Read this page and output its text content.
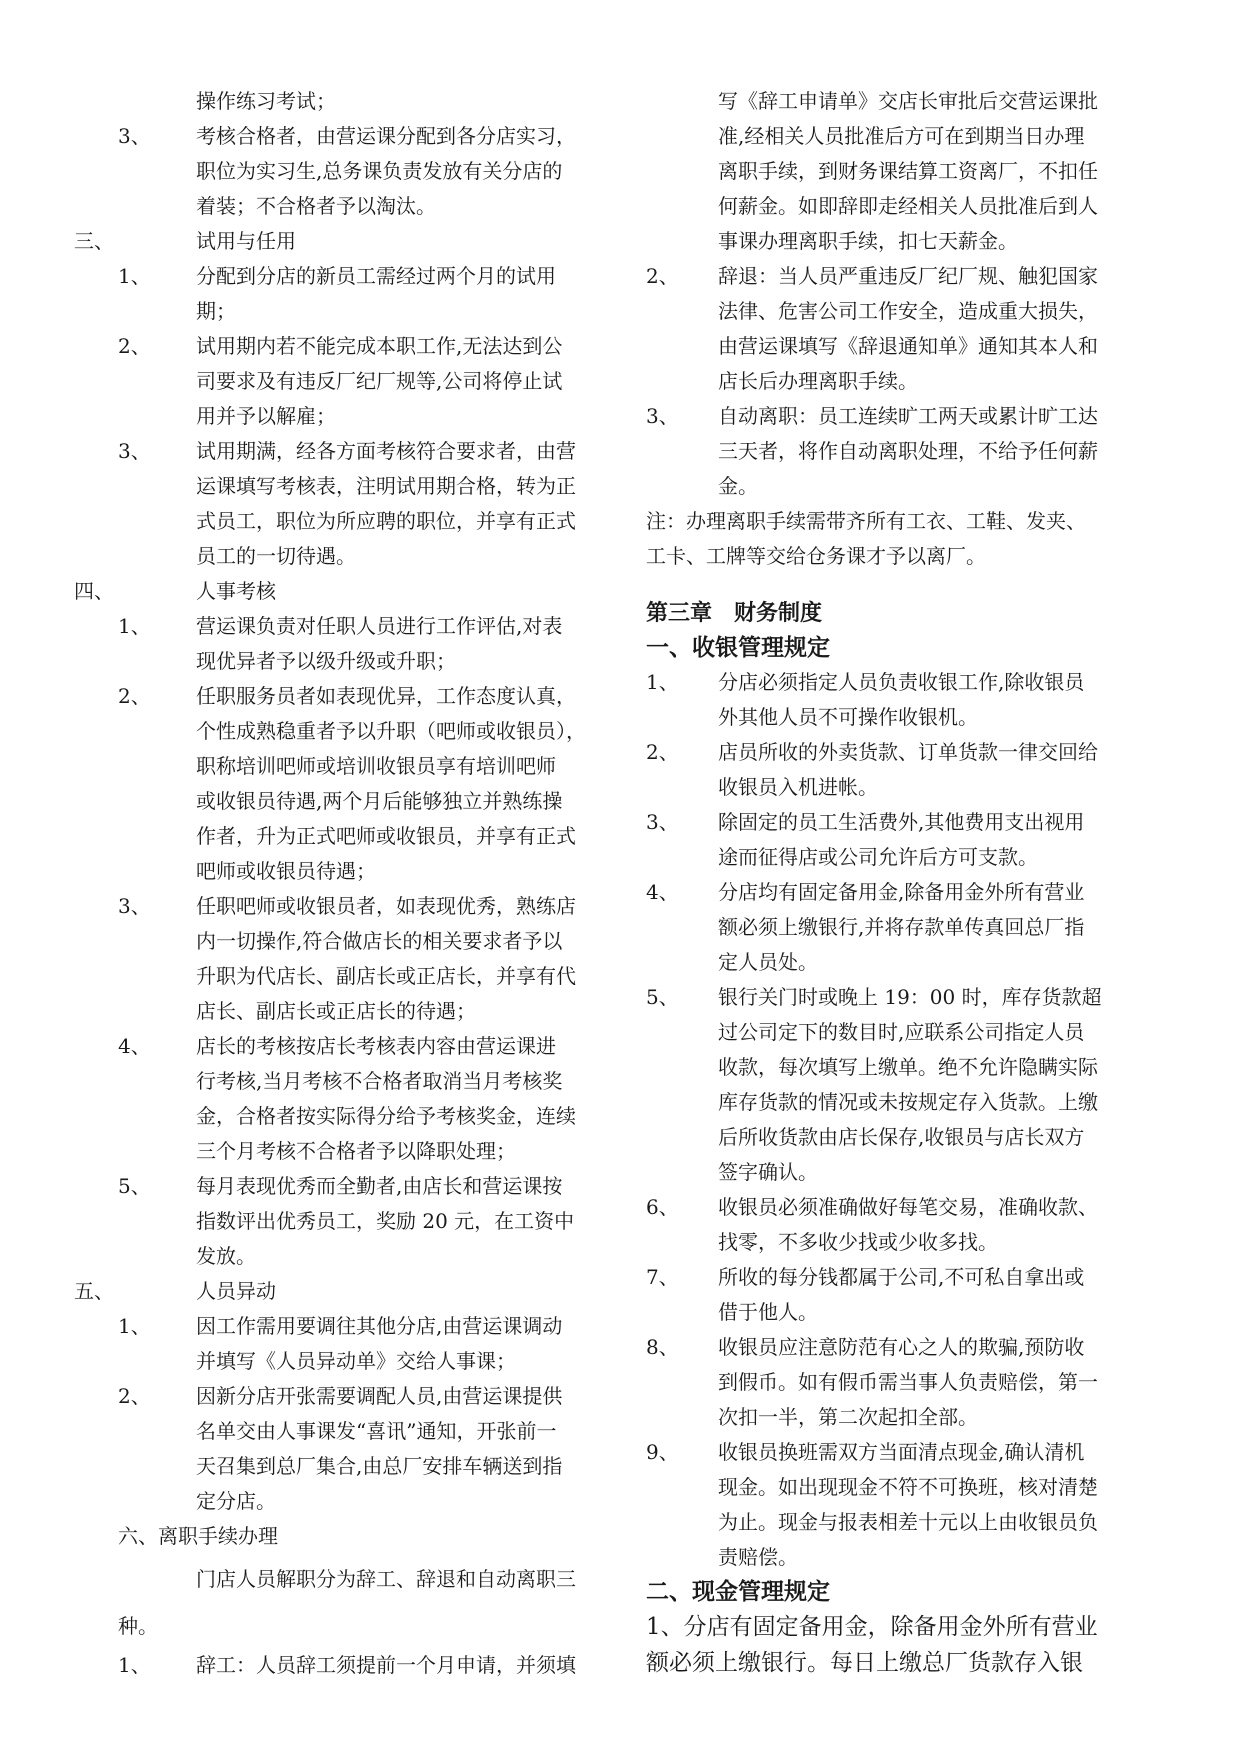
操作练习考试；
3、 考核合格者，由营运课分配到各分店实习，
职位为实习生,总务课负责发放有关分店的
着装；不合格者予以淘汰。
三、	试用与任用
1、 分配到分店的新员工需经过两个月的试用
期；
2、 试用期内若不能完成本职工作,无法达到公
司要求及有违反厂纪厂规等,公司将停止试
用并予以解雇；
3、 试用期满，经各方面考核符合要求者，由营
运课填写考核表，注明试用期合格，转为正
式员工，职位为所应聘的职位，并享有正式
员工的一切待遇。
四、	人事考核
1、 营运课负责对任职人员进行工作评估,对表
现优异者予以级升级或升职；
2、 任职服务员者如表现优异，工作态度认真，
个性成熟稳重者予以升职（吧师或收银员），
职称培训吧师或培训收银员享有培训吧师
或收银员待遇,两个月后能够独立并熟练操
作者，升为正式吧师或收银员，并享有正式
吧师或收银员待遇；
3、 任职吧师或收银员者，如表现优秀，熟练店
内一切操作,符合做店长的相关要求者予以
升职为代店长、副店长或正店长，并享有代
店长、副店长或正店长的待遇；
4、 店长的考核按店长考核表内容由营运课进
行考核,当月考核不合格者取消当月考核奖
金，合格者按实际得分给予考核奖金，连续
三个月考核不合格者予以降职处理；
5、 每月表现优秀而全勤者,由店长和营运课按
指数评出优秀员工，奖励 20 元，在工资中
发放。
五、	人员异动
1、 因工作需用要调往其他分店,由营运课调动
并填写《人员异动单》交给人事课；
2、 因新分店开张需要调配人员,由营运课提供
名单交由人事课发“喜讯”通知，开张前一
天召集到总厂集合,由总厂安排车辆送到指
定分店。
六、离职手续办理
门店人员解职分为辞工、辞退和自动离职三
种。
1、 辞工：人员辞工须提前一个月申请，并须填
写《辞工申请单》交店长审批后交营运课批
准,经相关人员批准后方可在到期当日办理
离职手续，到财务课结算工资离厂，不扣任
何薪金。如即辞即走经相关人员批准后到人
事课办理离职手续，扣七天薪金。
2、 辞退：当人员严重违反厂纪厂规、触犯国家
法律、危害公司工作安全，造成重大损失，
由营运课填写《辞退通知单》通知其本人和
店长后办理离职手续。
3、 自动离职：员工连续旷工两天或累计旷工达
三天者，将作自动离职处理，不给予任何薪
金。
注：办理离职手续需带齐所有工衣、工鞋、发夹、
工卡、工牌等交给仓务课才予以离厂。
第三章　财务制度
一、收银管理规定
1、 分店必须指定人员负责收银工作,除收银员
外其他人员不可操作收银机。
2、 店员所收的外卖货款、订单货款一律交回给
收银员入机进帐。
3、 除固定的员工生活费外,其他费用支出视用
途而征得店或公司允许后方可支款。
4、 分店均有固定备用金,除备用金外所有营业
额必须上缴银行,并将存款单传真回总厂指
定人员处。
5、 银行关门时或晚上 19：00 时，库存货款超
过公司定下的数目时,应联系公司指定人员
收款，每次填写上缴单。绝不允许隐瞒实际
库存货款的情况或未按规定存入货款。上缴
后所收货款由店长保存,收银员与店长双方
签字确认。
6、 收银员必须准确做好每笔交易，准确收款、
找零，不多收少找或少收多找。
7、 所收的每分钱都属于公司,不可私自拿出或
借于他人。
8、 收银员应注意防范有心之人的欺骗,预防收
到假币。如有假币需当事人负责赔偿，第一
次扣一半，第二次起扣全部。
9、 收银员换班需双方当面清点现金,确认清机
现金。如出现现金不符不可换班，核对清楚
为止。现金与报表相差十元以上由收银员负
责赔偿。
二、现金管理规定
1、分店有固定备用金，除备用金外所有营业
额必须上缴银行。每日上缴总厂货款存入银
